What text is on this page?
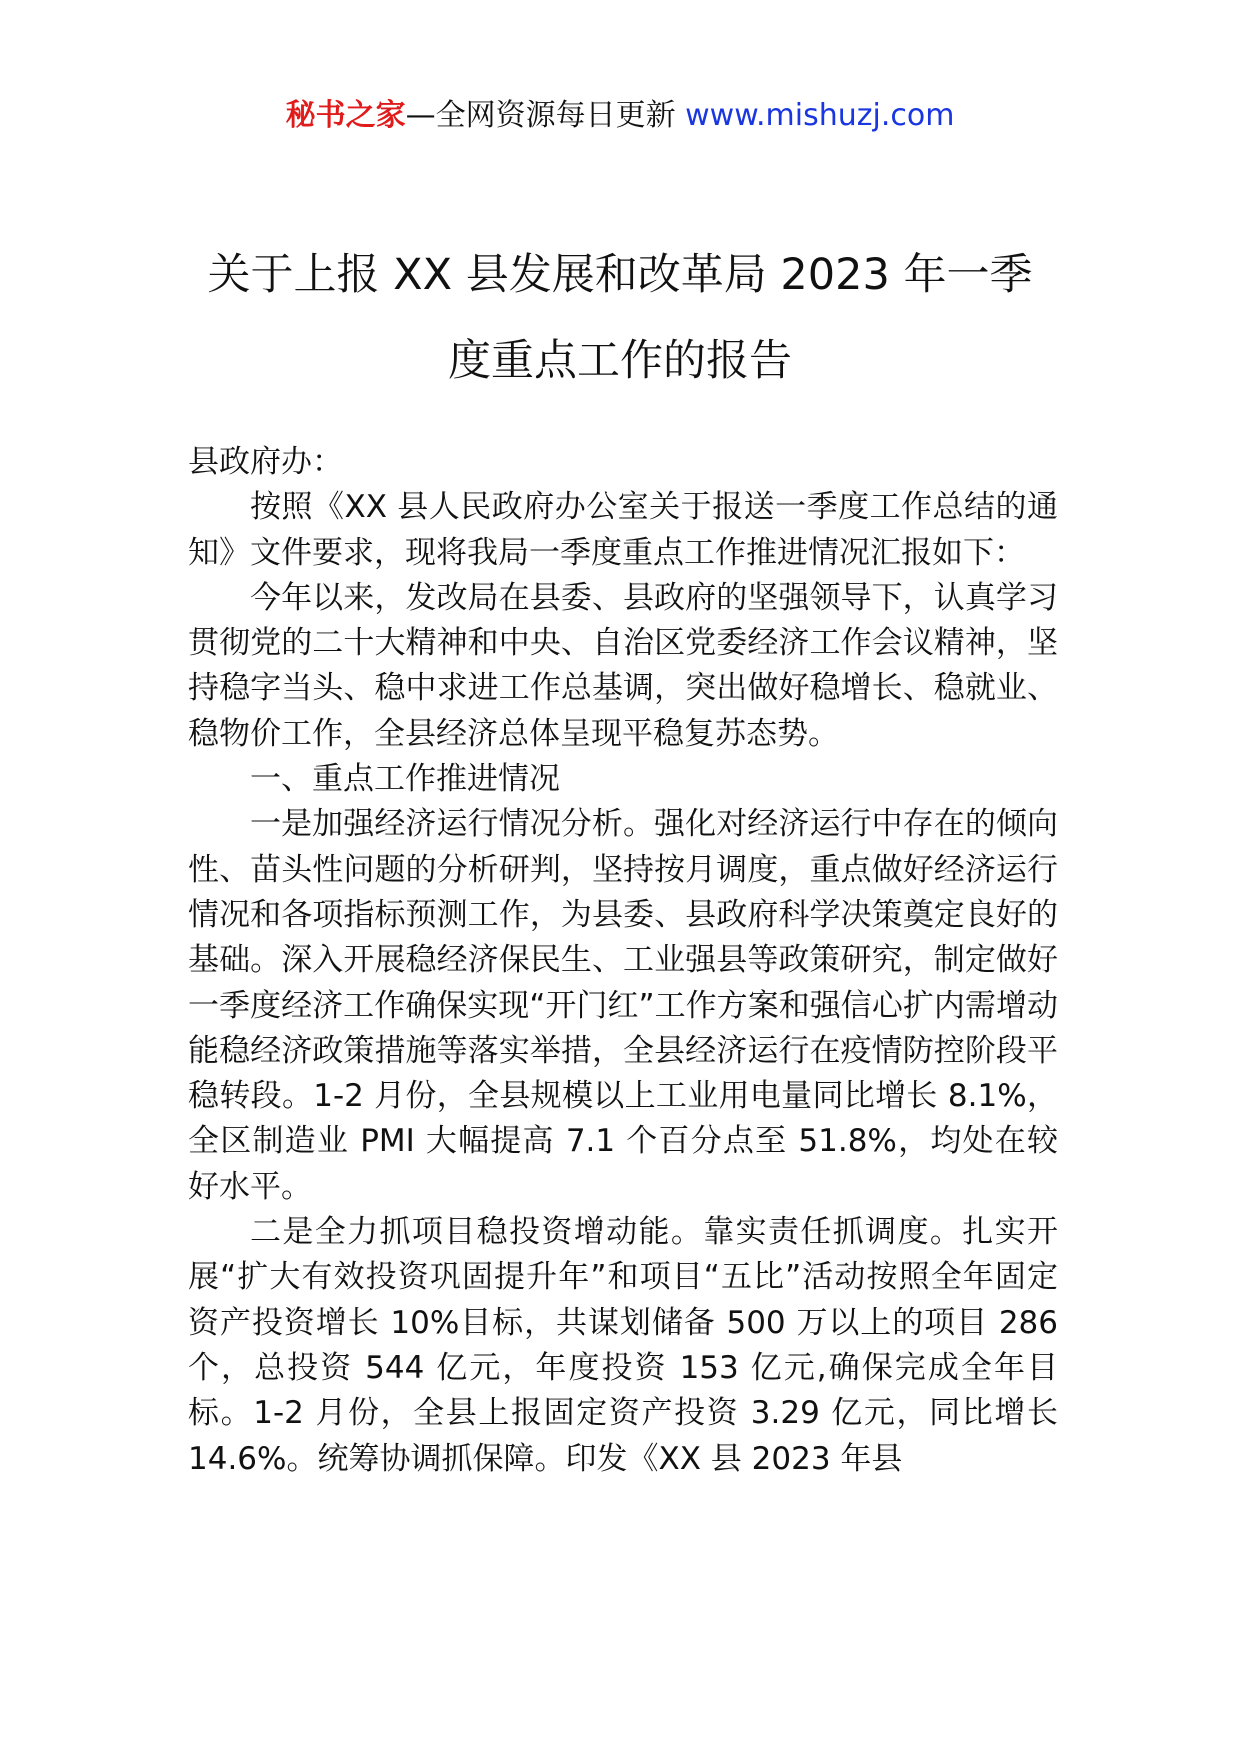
秘书之家—全网资源每日更新 www.mishuzj.com
关于上报 XX 县发展和改革局 2023 年一季
度重点工作的报告

县政府办：

按照《XX 县人民政府办公室关于报送一季度工作总结的通知》文件要求，现将我局一季度重点工作推进情况汇报如下：

今年以来，发改局在县委、县政府的坚强领导下，认真学习贯彻党的二十大精神和中央、自治区党委经济工作会议精神，坚持稳字当头、稳中求进工作总基调，突出做好稳增长、稳就业、稳物价工作，全县经济总体呈现平稳复苏态势。

一、重点工作推进情况

一是加强经济运行情况分析。强化对经济运行中存在的倾向性、苗头性问题的分析研判，坚持按月调度，重点做好经济运行情况和各项指标预测工作，为县委、县政府科学决策奠定良好的基础。深入开展稳经济保民生、工业强县等政策研究，制定做好一季度经济工作确保实现“开门红”工作方案和强信心扩内需增动能稳经济政策措施等落实举措，全县经济运行在疫情防控阶段平稳转段。1-2 月份，全县规模以上工业用电量同比增长 8.1%，全区制造业 PMI 大幅提高 7.1 个百分点至 51.8%，均处在较好水平。

二是全力抓项目稳投资增动能。靠实责任抓调度。扎实开展“扩大有效投资巩固提升年”和项目“五比”活动按照全年固定资产投资增长 10%目标，共谋划储备 500 万以上的项目 286 个，总投资 544 亿元，年度投资 153 亿元,确保完成全年目标。1-2 月份，全县上报固定资产投资 3.29 亿元，同比增长 14.6%。统筹协调抓保障。印发《XX 县 2023 年县
